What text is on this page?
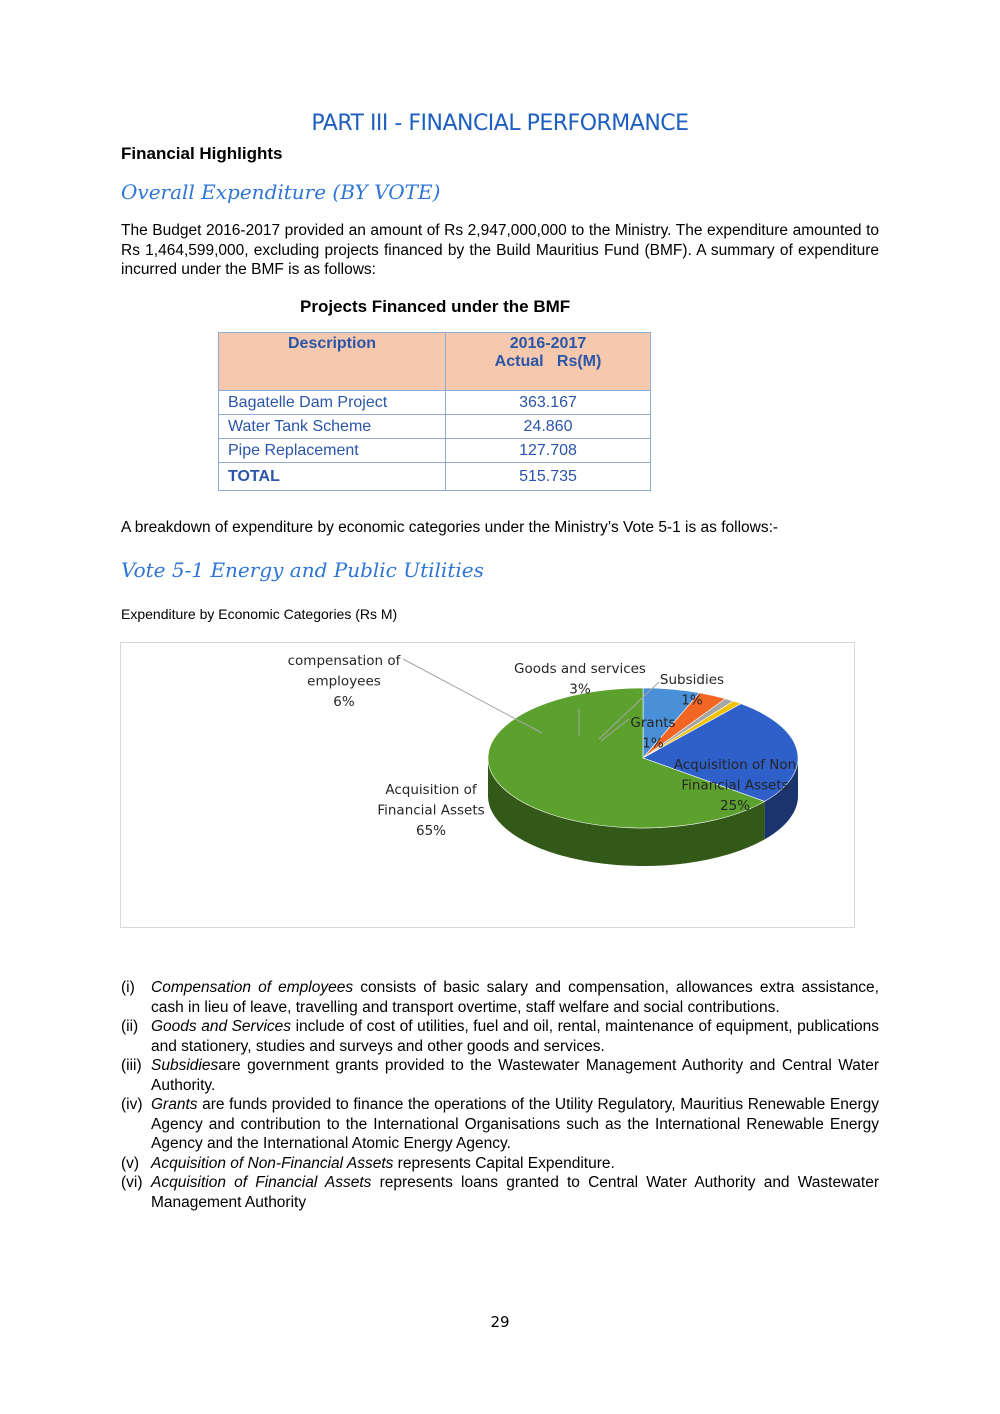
PART III - FINANCIAL PERFORMANCE
Financial Highlights
Overall Expenditure (BY VOTE)
The Budget 2016-2017 provided an amount of Rs 2,947,000,000 to the Ministry. The expenditure amounted to Rs 1,464,599,000, excluding projects financed by the Build Mauritius Fund (BMF). A summary of expenditure incurred under the BMF is as follows:
Projects Financed under the BMF
Description	2016-2017
Actual   Rs(M)

Bagatelle Dam Project	363.167
Water Tank Scheme	24.860
Pipe Replacement	127.708
TOTAL	515.735
A breakdown of expenditure by economic categories under the Ministry’s Vote 5-1 is as follows:-
Vote 5-1 Energy and Public Utilities
Expenditure by Economic Categories (Rs M)
compensation of employees 6%
Goods and services 3%
Subsidies 1%
Grants 1%
Acquisition of Non Financial Assets 25%
Acquisition of Financial Assets 65%
(i)	Compensation of employees consists of basic salary and compensation, allowances extra assistance, cash in lieu of leave, travelling and transport overtime, staff welfare and social contributions.
(ii) Goods and Services include of cost of utilities, fuel and oil, rental, maintenance of equipment, publications and stationery, studies and surveys and other goods and services.
(iii) Subsidiesare government grants provided to the Wastewater Management Authority and Central Water Authority.
(iv) Grants are funds provided to finance the operations of the Utility Regulatory, Mauritius Renewable Energy Agency and contribution to the International Organisations such as the International Renewable Energy Agency and the International Atomic Energy Agency.
(v) Acquisition of Non-Financial Assets represents Capital Expenditure.
(vi) Acquisition of Financial Assets represents loans granted to Central Water Authority and Wastewater Management Authority
29
